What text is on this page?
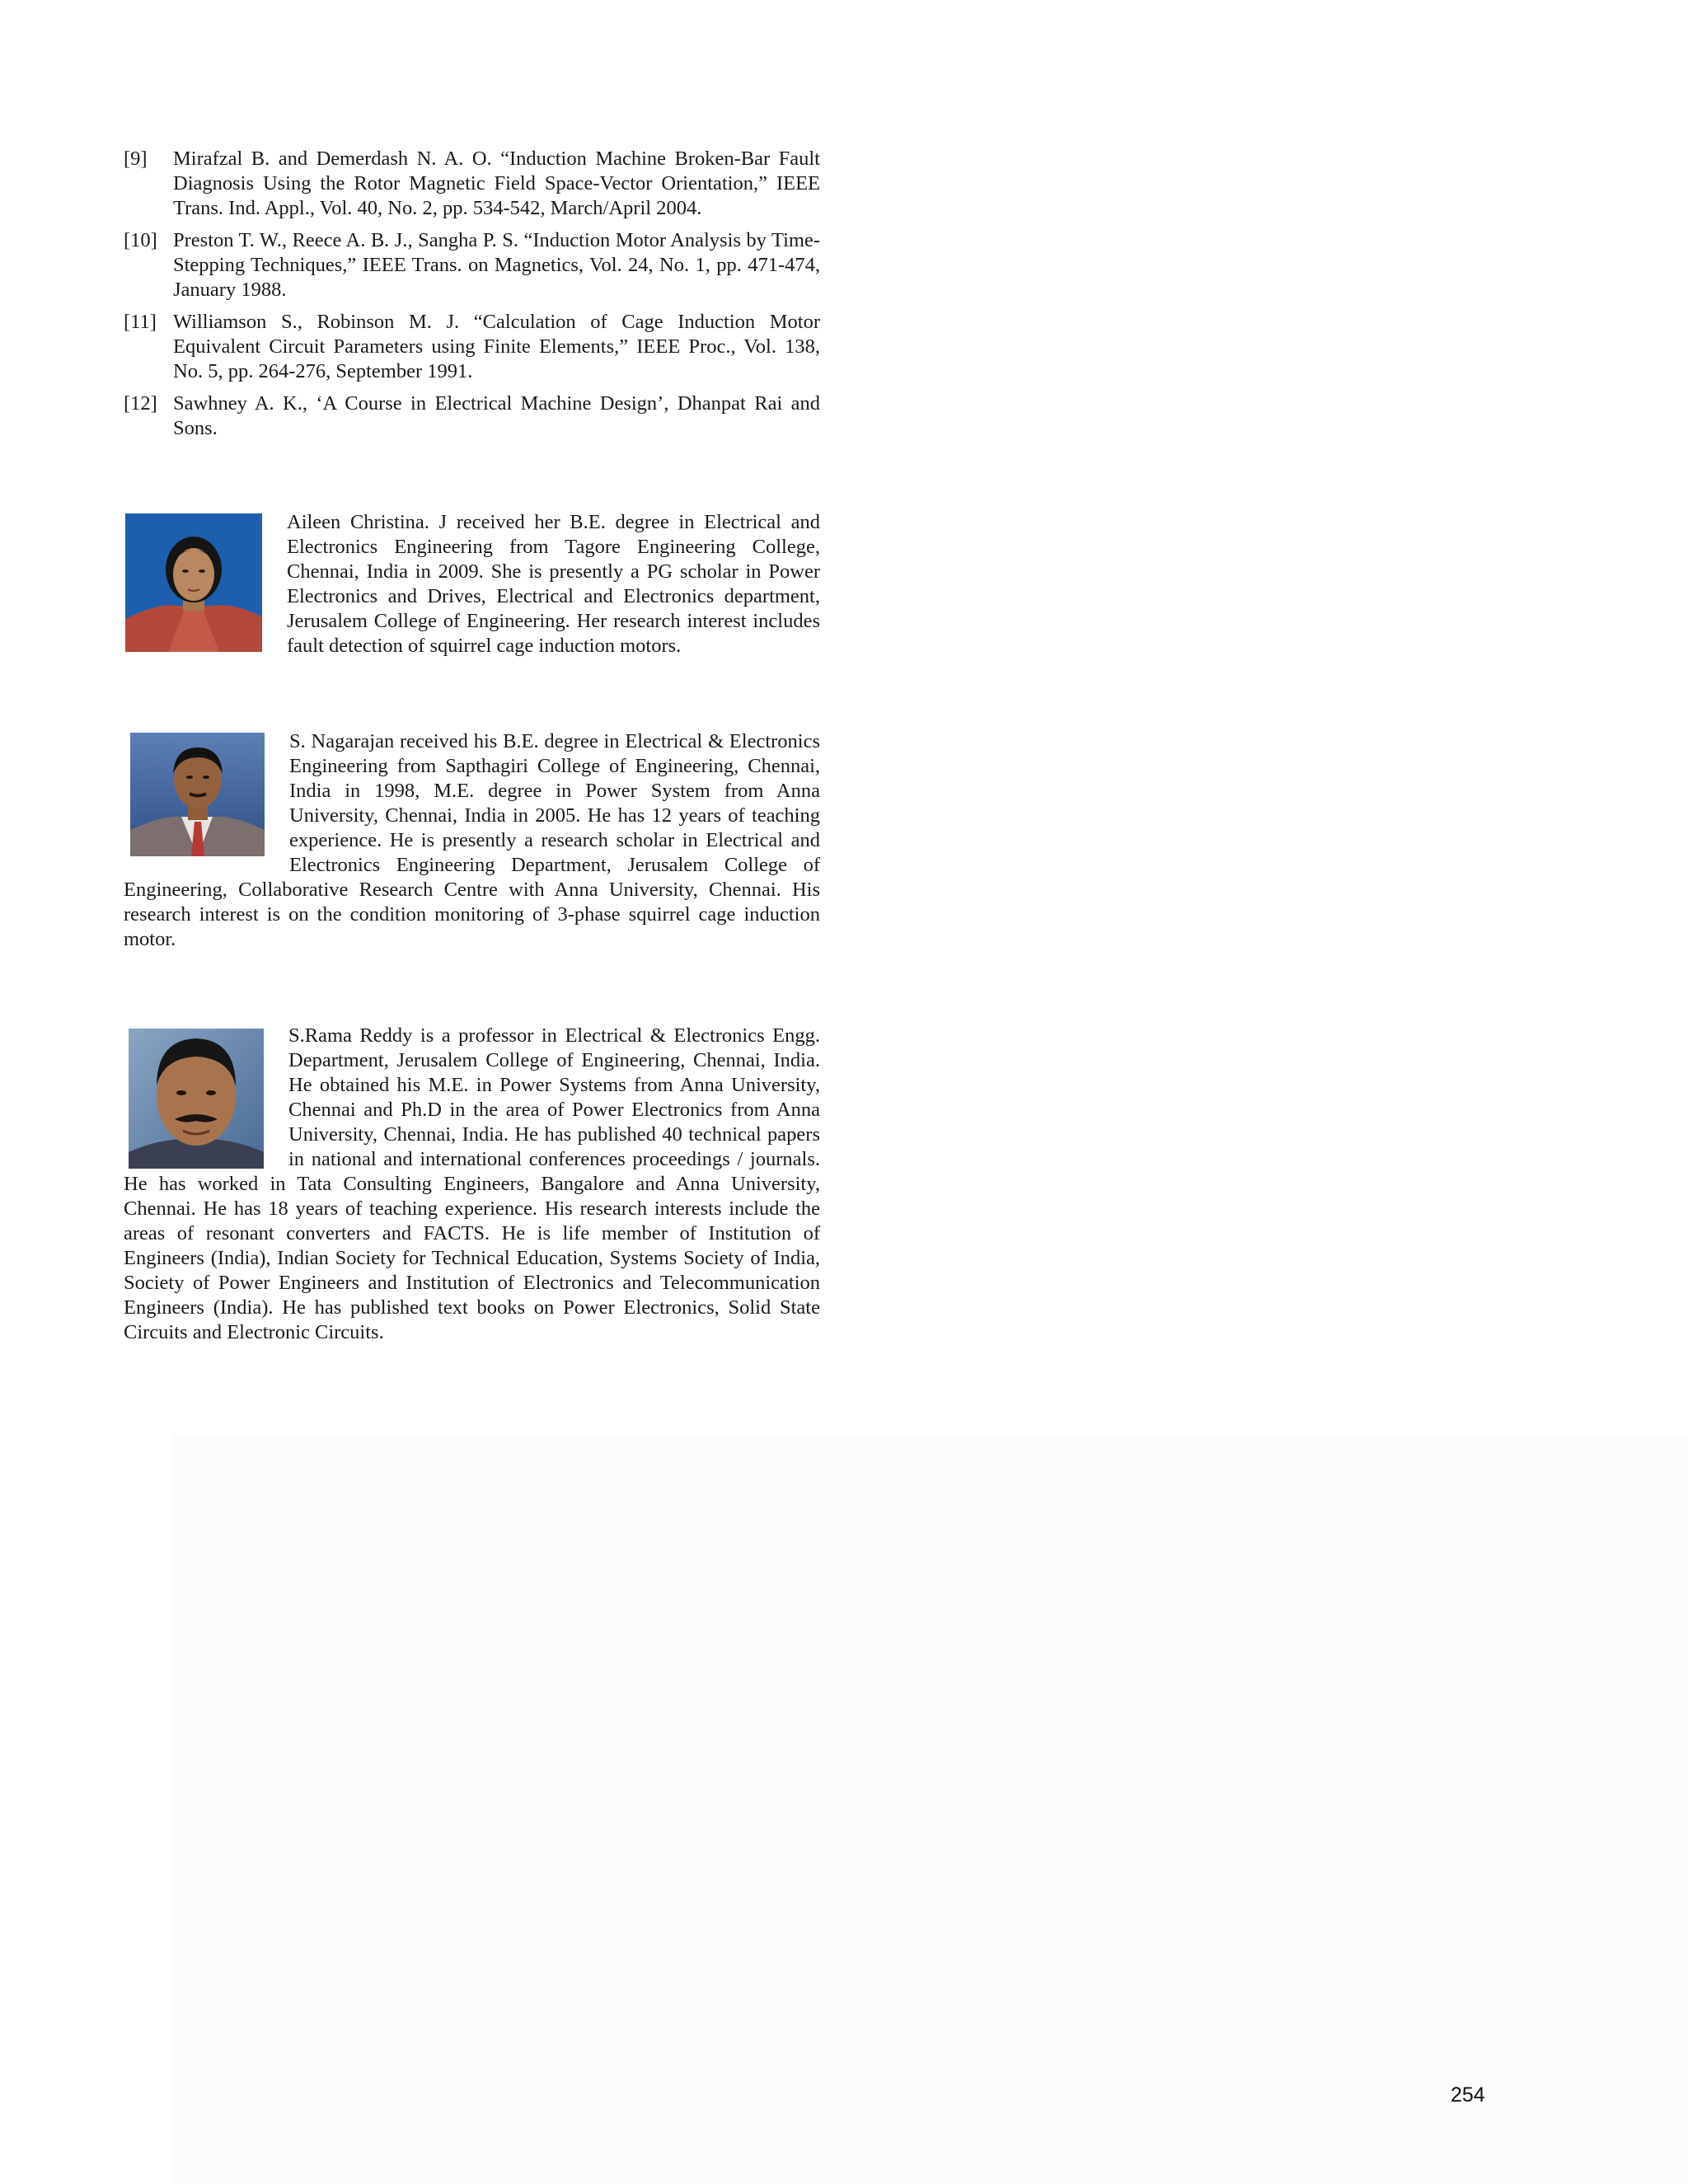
[9] Mirafzal B. and Demerdash N. A. O. “Induction Machine Broken-Bar Fault Diagnosis Using the Rotor Magnetic Field Space-Vector Orientation,” IEEE Trans. Ind. Appl., Vol. 40, No. 2, pp. 534-542, March/April 2004.
[10] Preston T. W., Reece A. B. J., Sangha P. S. “Induction Motor Analysis by Time-Stepping Techniques,” IEEE Trans. on Magnetics, Vol. 24, No. 1, pp. 471-474, January 1988.
[11] Williamson S., Robinson M. J. “Calculation of Cage Induction Motor Equivalent Circuit Parameters using Finite Elements,” IEEE Proc., Vol. 138, No. 5, pp. 264-276, September 1991.
[12] Sawhney A. K., ‘A Course in Electrical Machine Design’, Dhanpat Rai and Sons.

Aileen Christina. J received her B.E. degree in Electrical and Electronics Engineering from Tagore Engineering College, Chennai, India in 2009. She is presently a PG scholar in Power Electronics and Drives, Electrical and Electronics department, Jerusalem College of Engineering. Her research interest includes fault detection of squirrel cage induction motors.

S. Nagarajan received his B.E. degree in Electrical & Electronics Engineering from Sapthagiri College of Engineering, Chennai, India in 1998, M.E. degree in Power System from Anna University, Chennai, India in 2005. He has 12 years of teaching experience. He is presently a research scholar in Electrical and Electronics Engineering Department, Jerusalem College of Engineering, Collaborative Research Centre with Anna University, Chennai. His research interest is on the condition monitoring of 3-phase squirrel cage induction motor.

S.Rama Reddy is a professor in Electrical & Electronics Engg. Department, Jerusalem College of Engineering, Chennai, India. He obtained his M.E. in Power Systems from Anna University, Chennai and Ph.D in the area of Power Electronics from Anna University, Chennai, India. He has published 40 technical papers in national and international conferences proceedings / journals. He has worked in Tata Consulting Engineers, Bangalore and Anna University, Chennai. He has 18 years of teaching experience. His research interests include the areas of resonant converters and FACTS. He is life member of Institution of Engineers (India), Indian Society for Technical Education, Systems Society of India, Society of Power Engineers and Institution of Electronics and Telecommunication Engineers (India). He has published text books on Power Electronics, Solid State Circuits and Electronic Circuits.

254
